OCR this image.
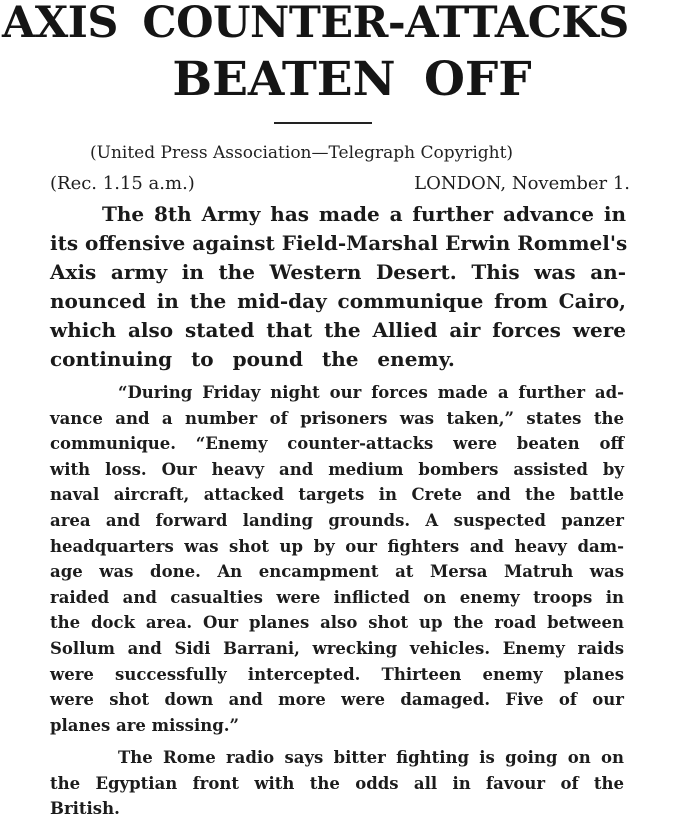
AXIS COUNTER-ATTACKS
BEATEN OFF
(United Press Association—Telegraph Copyright)
(Rec. 1.15 a.m.)	LONDON, November 1.
The 8th Army has made a further advance in
its offensive against Field-Marshal Erwin Rommel's
Axis army in the Western Desert. This was an-
nounced in the mid-day communique from Cairo,
which also stated that the Allied air forces were
continuing to pound the enemy.
“During Friday night our forces made a further ad-
vance and a number of prisoners was taken,” states the
communique. “Enemy counter-attacks were beaten off
with loss. Our heavy and medium bombers assisted by
naval aircraft, attacked targets in Crete and the battle
area and forward landing grounds. A suspected panzer
headquarters was shot up by our fighters and heavy dam-
age was done. An encampment at Mersa Matruh was
raided and casualties were inflicted on enemy troops in
the dock area. Our planes also shot up the road between
Sollum and Sidi Barrani, wrecking vehicles. Enemy raids
were successfully intercepted. Thirteen enemy planes
were shot down and more were damaged. Five of our
planes are missing.”
The Rome radio says bitter fighting is going on on
the Egyptian front with the odds all in favour of the
British.
